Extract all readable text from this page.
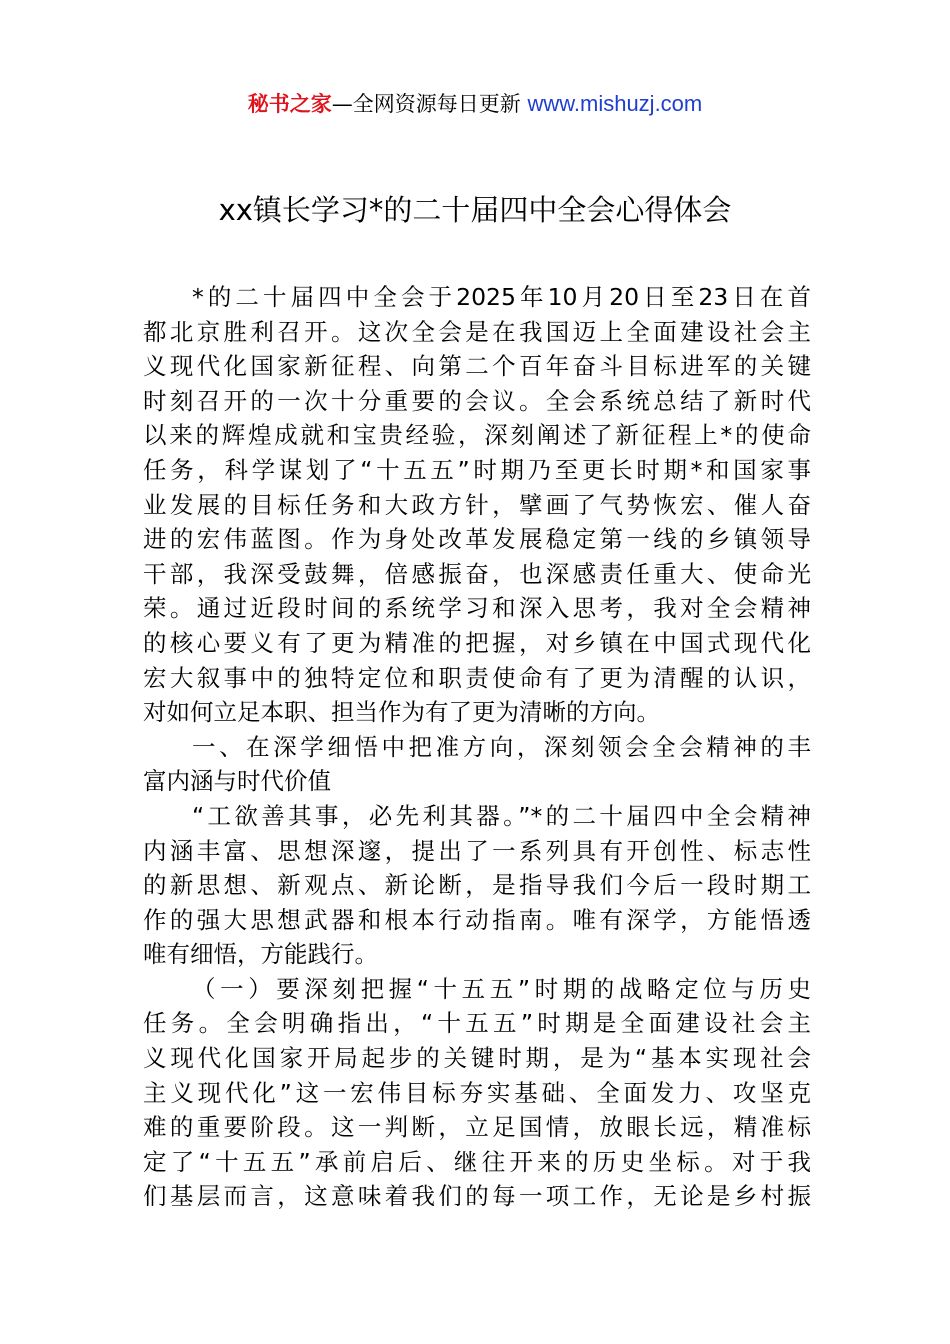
秘书之家—全网资源每日更新 www.mishuzj.com
xx镇长学习*的二十届四中全会心得体会
*的二十届四中全会于2025年10月20日至23日在首
都北京胜利召开。这次全会是在我国迈上全面建设社会主
义现代化国家新征程、向第二个百年奋斗目标进军的关键
时刻召开的一次十分重要的会议。全会系统总结了新时代
以来的辉煌成就和宝贵经验，深刻阐述了新征程上*的使命
任务，科学谋划了“十五五”时期乃至更长时期*和国家事
业发展的目标任务和大政方针，擘画了气势恢宏、催人奋
进的宏伟蓝图。作为身处改革发展稳定第一线的乡镇领导
干部，我深受鼓舞，倍感振奋，也深感责任重大、使命光
荣。通过近段时间的系统学习和深入思考，我对全会精神
的核心要义有了更为精准的把握，对乡镇在中国式现代化
宏大叙事中的独特定位和职责使命有了更为清醒的认识，
对如何立足本职、担当作为有了更为清晰的方向。
一、在深学细悟中把准方向，深刻领会全会精神的丰
富内涵与时代价值
“工欲善其事，必先利其器。”*的二十届四中全会精神
内涵丰富、思想深邃，提出了一系列具有开创性、标志性
的新思想、新观点、新论断，是指导我们今后一段时期工
作的强大思想武器和根本行动指南。唯有深学，方能悟透
唯有细悟，方能践行。
（一）要深刻把握“十五五”时期的战略定位与历史
任务。全会明确指出，“十五五”时期是全面建设社会主
义现代化国家开局起步的关键时期，是为“基本实现社会
主义现代化”这一宏伟目标夯实基础、全面发力、攻坚克
难的重要阶段。这一判断，立足国情，放眼长远，精准标
定了“十五五”承前启后、继往开来的历史坐标。对于我
们基层而言，这意味着我们的每一项工作，无论是乡村振
